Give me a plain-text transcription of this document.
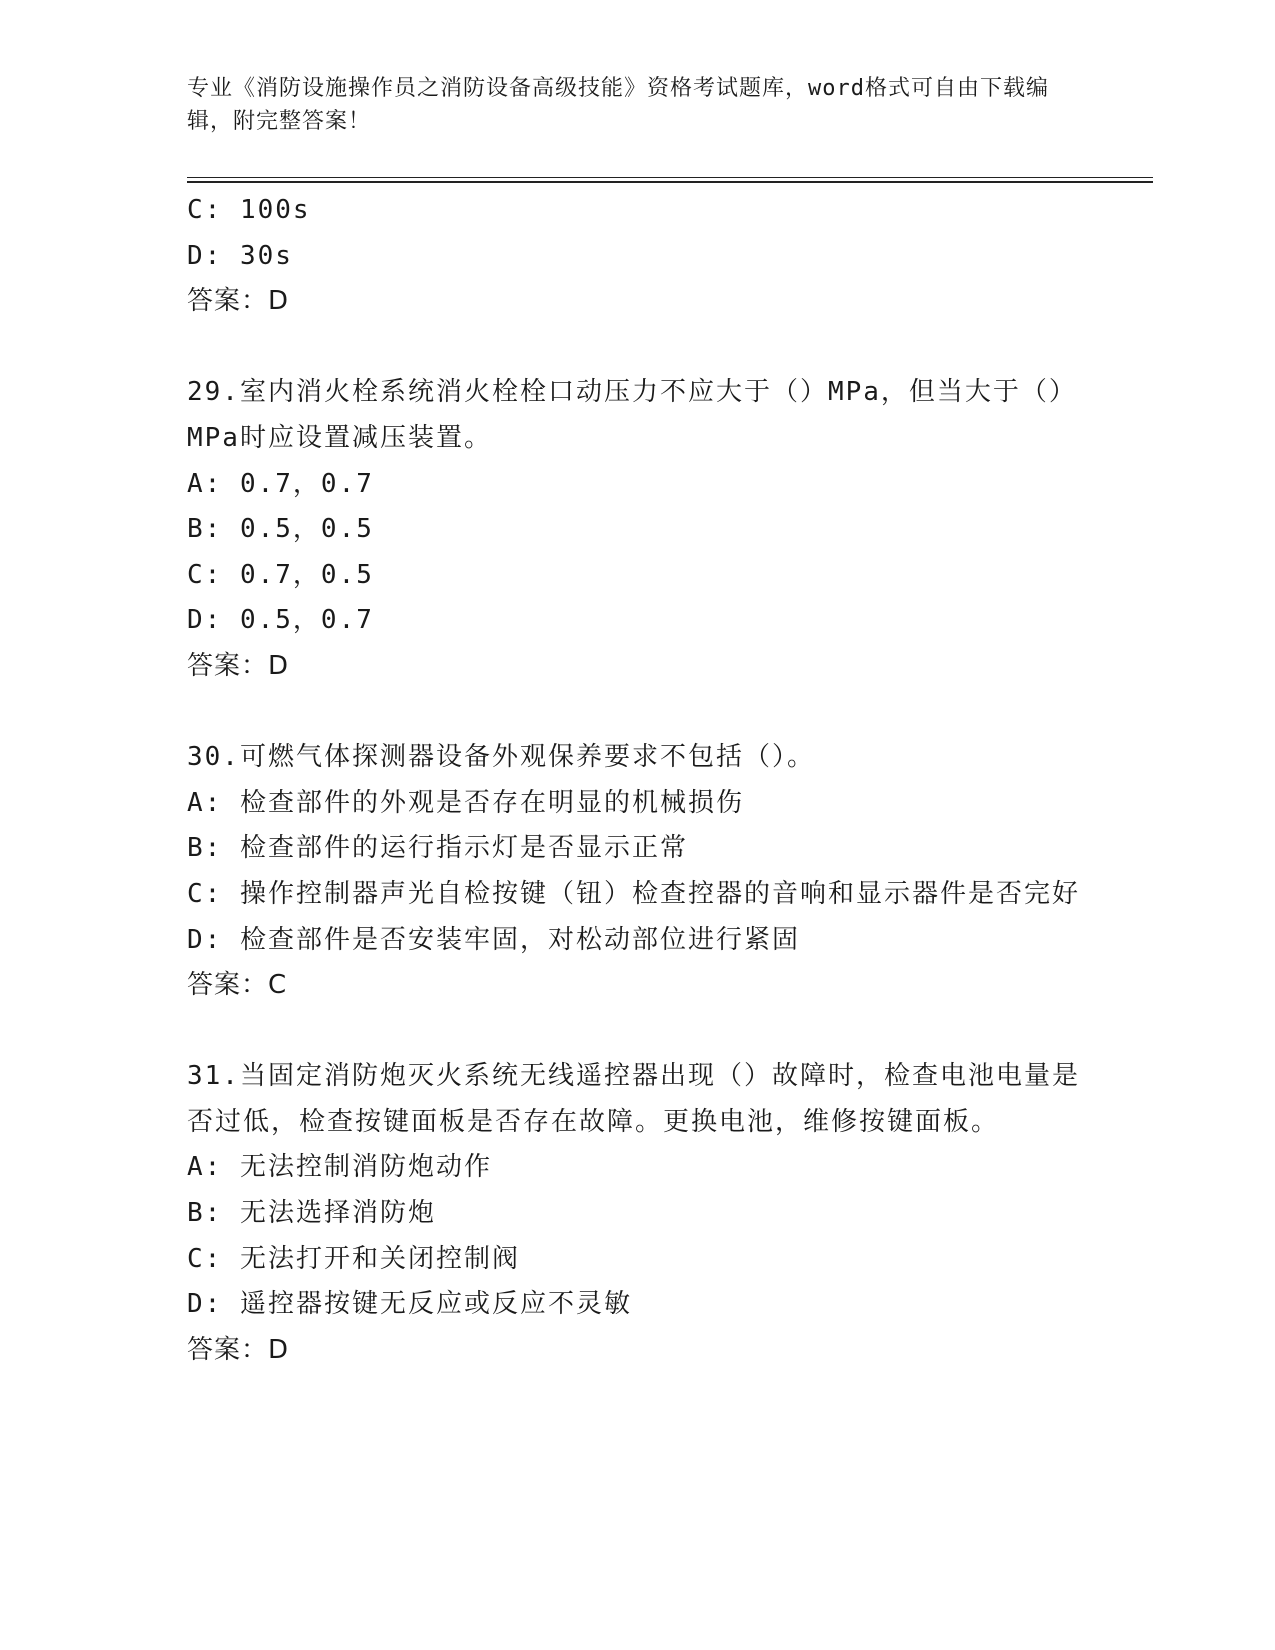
专业《消防设施操作员之消防设备高级技能》资格考试题库，word格式可自由下载编辑，附完整答案！
C: 100s
D: 30s
答案：D
29.室内消火栓系统消火栓栓口动压力不应大于（）MPa，但当大于（）MPa时应设置减压装置。
A: 0.7，0.7
B: 0.5，0.5
C: 0.7，0.5
D: 0.5，0.7
答案：D
30.可燃气体探测器设备外观保养要求不包括（）。
A: 检查部件的外观是否存在明显的机械损伤
B: 检查部件的运行指示灯是否显示正常
C: 操作控制器声光自检按键（钮）检查控器的音响和显示器件是否完好
D: 检查部件是否安装牢固，对松动部位进行紧固
答案：C
31.当固定消防炮灭火系统无线遥控器出现（）故障时，检查电池电量是否过低，检查按键面板是否存在故障。更换电池，维修按键面板。
A: 无法控制消防炮动作
B: 无法选择消防炮
C: 无法打开和关闭控制阀
D: 遥控器按键无反应或反应不灵敏
答案：D
